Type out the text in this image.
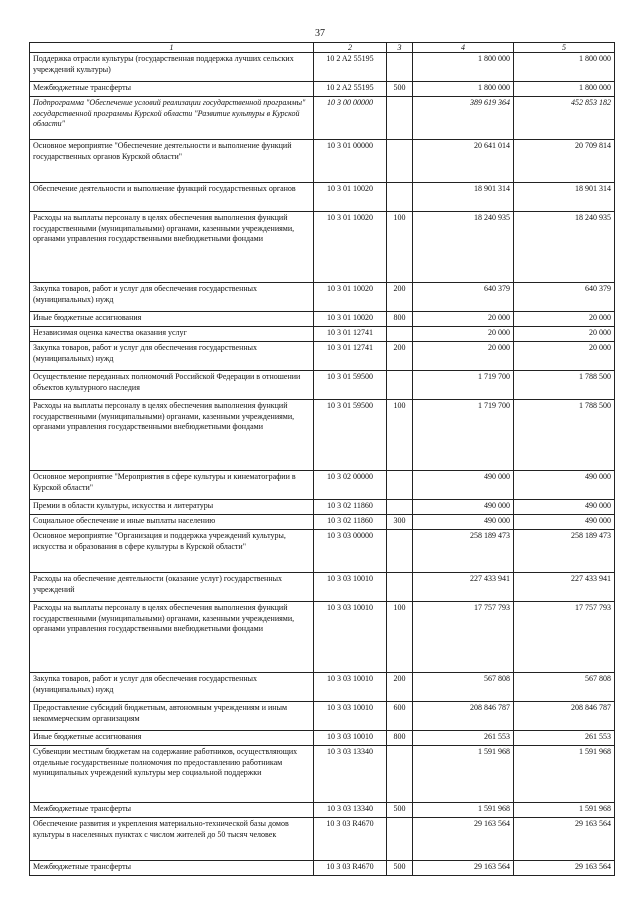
37
1	2	3	4	5
Поддержка отрасли культуры (государственная поддержка лучших сельских учреждений культуры)	10 2 A2 55195		1 800 000	1 800 000
Межбюджетные трансферты	10 2 A2 55195	500	1 800 000	1 800 000
Подпрограмма "Обеспечение условий реализации государственной программы" государственной программы Курской области "Развитие культуры в Курской области"	10 3 00 00000		389 619 364	452 853 182
Основное мероприятие "Обеспечение деятельности и выполнение функций государственных органов Курской области"	10 3 01 00000		20 641 014	20 709 814
Обеспечение деятельности и выполнение функций государственных органов	10 3 01 10020		18 901 314	18 901 314
Расходы на выплаты персоналу в целях обеспечения выполнения функций государственными (муниципальными) органами, казенными учреждениями, органами управления государственными внебюджетными фондами	10 3 01 10020	100	18 240 935	18 240 935
Закупка товаров, работ и услуг для обеспечения государственных (муниципальных) нужд	10 3 01 10020	200	640 379	640 379
Иные бюджетные ассигнования	10 3 01 10020	800	20 000	20 000
Независимая оценка качества оказания услуг	10 3 01 12741		20 000	20 000
Закупка товаров, работ и услуг для обеспечения государственных (муниципальных) нужд	10 3 01 12741	200	20 000	20 000
Осуществление переданных полномочий Российской Федерации в отношении объектов культурного наследия	10 3 01 59500		1 719 700	1 788 500
Расходы на выплаты персоналу в целях обеспечения выполнения функций государственными (муниципальными) органами, казенными учреждениями, органами управления государственными внебюджетными фондами	10 3 01 59500	100	1 719 700	1 788 500
Основное мероприятие "Мероприятия в сфере культуры и кинематографии в Курской области"	10 3 02 00000		490 000	490 000
Премии в области культуры, искусства и литературы	10 3 02 11860		490 000	490 000
Социальное обеспечение и иные выплаты населению	10 3 02 11860	300	490 000	490 000
Основное мероприятие "Организация и поддержка учреждений культуры, искусства и образования в сфере культуры в Курской области"	10 3 03 00000		258 189 473	258 189 473
Расходы на обеспечение деятельности (оказание услуг) государственных учреждений	10 3 03 10010		227 433 941	227 433 941
Расходы на выплаты персоналу в целях обеспечения выполнения функций государственными (муниципальными) органами, казенными учреждениями, органами управления государственными внебюджетными фондами	10 3 03 10010	100	17 757 793	17 757 793
Закупка товаров, работ и услуг для обеспечения государственных (муниципальных) нужд	10 3 03 10010	200	567 808	567 808
Предоставление субсидий бюджетным, автономным учреждениям и иным некоммерческим организациям	10 3 03 10010	600	208 846 787	208 846 787
Иные бюджетные ассигнования	10 3 03 10010	800	261 553	261 553
Субвенции местным бюджетам на содержание работников, осуществляющих отдельные государственные полномочия по предоставлению работникам муниципальных учреждений культуры мер социальной поддержки	10 3 03 13340		1 591 968	1 591 968
Межбюджетные трансферты	10 3 03 13340	500	1 591 968	1 591 968
Обеспечение развития и укрепления материально-технической базы домов культуры в населенных пунктах с числом жителей до 50 тысяч человек	10 3 03 R4670		29 163 564	29 163 564
Межбюджетные трансферты	10 3 03 R4670	500	29 163 564	29 163 564
